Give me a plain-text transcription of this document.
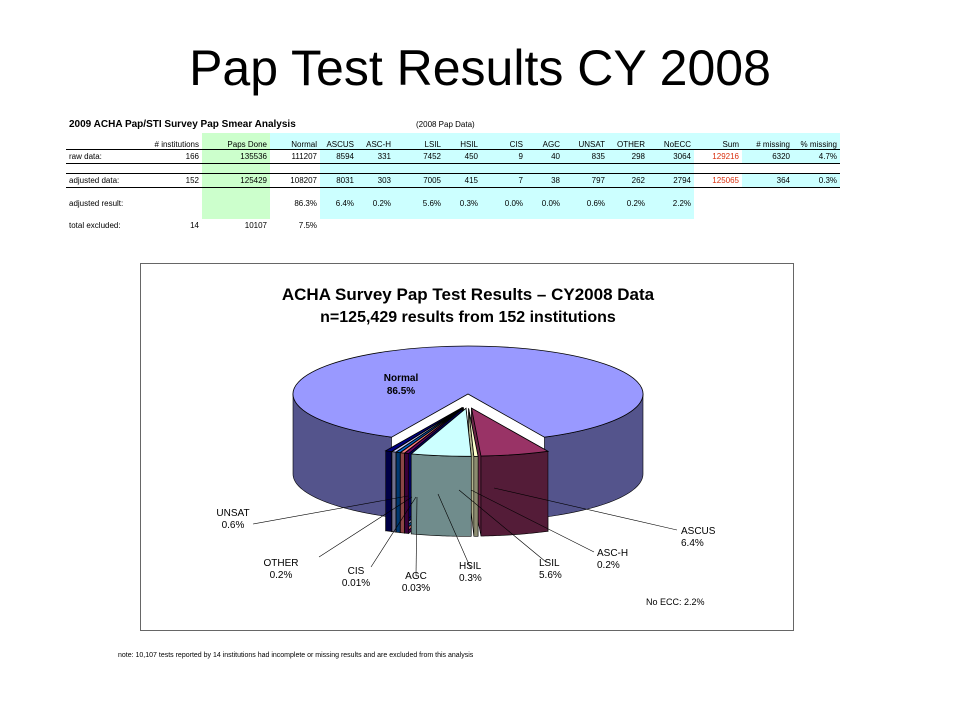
Pap Test Results CY 2008
2009 ACHA Pap/STI Survey Pap Smear Analysis	(2008 Pap Data)
	# institutions	Paps Done	Normal	ASCUS	ASC-H	LSIL	HSIL	CIS	AGC	UNSAT	OTHER	NoECC	Sum	# missing	% missing
raw data:	166	135536	111207	8594	331	7452	450	9	40	835	298	3064	129216	6320	4.7%

adjusted data:	152	125429	108207	8031	303	7005	415	7	38	797	262	2794	125065	364	0.3%

adjusted result:			86.3%	6.4%	0.2%	5.6%	0.3%	0.0%	0.0%	0.6%	0.2%	2.2%			

total excluded:	14	10107	7.5%												
ACHA Survey Pap Test Results – CY2008 Data
n=125,429 results from 152 institutions
Normal
86.5%
ASCUS
6.4%
ASC-H
0.2%
LSIL
5.6%
HSIL
0.3%
AGC
0.03%
CIS
0.01%
OTHER
0.2%
UNSAT
0.6%
No ECC: 2.2%
note: 10,107 tests reported by 14 institutions had incomplete or missing results and are excluded from this analysis
